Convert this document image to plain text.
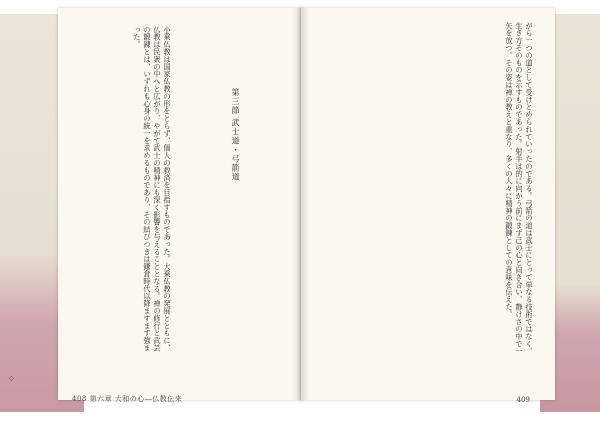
◇
第三節 武士道・弓箭道
小乗仏教は国家仏教の形をとらず、個人の救済を目指すものであった。大乗仏教の発展とともに、仏教は民衆の中へと広がり、やがて武士の精神にも深く影響を与えることとなる。禅の修行と武芸の鍛錬とは、いずれも心身の統一を求めるものであり、その結びつきは鎌倉時代以降ますます強まった。	がら一つの道として受けとめられていったのである。弓箭の道は武士にとって単なる技術ではなく、生き方そのものを示すものであった。射手は的に向かう前にまず己の心と向き合い、静けさの中で一矢を放つ。その姿は禅の教えと重なり、多くの人々に精神の鍛錬としての意味を伝えた。
408 第六章 大和の心―仏教伝来	409
